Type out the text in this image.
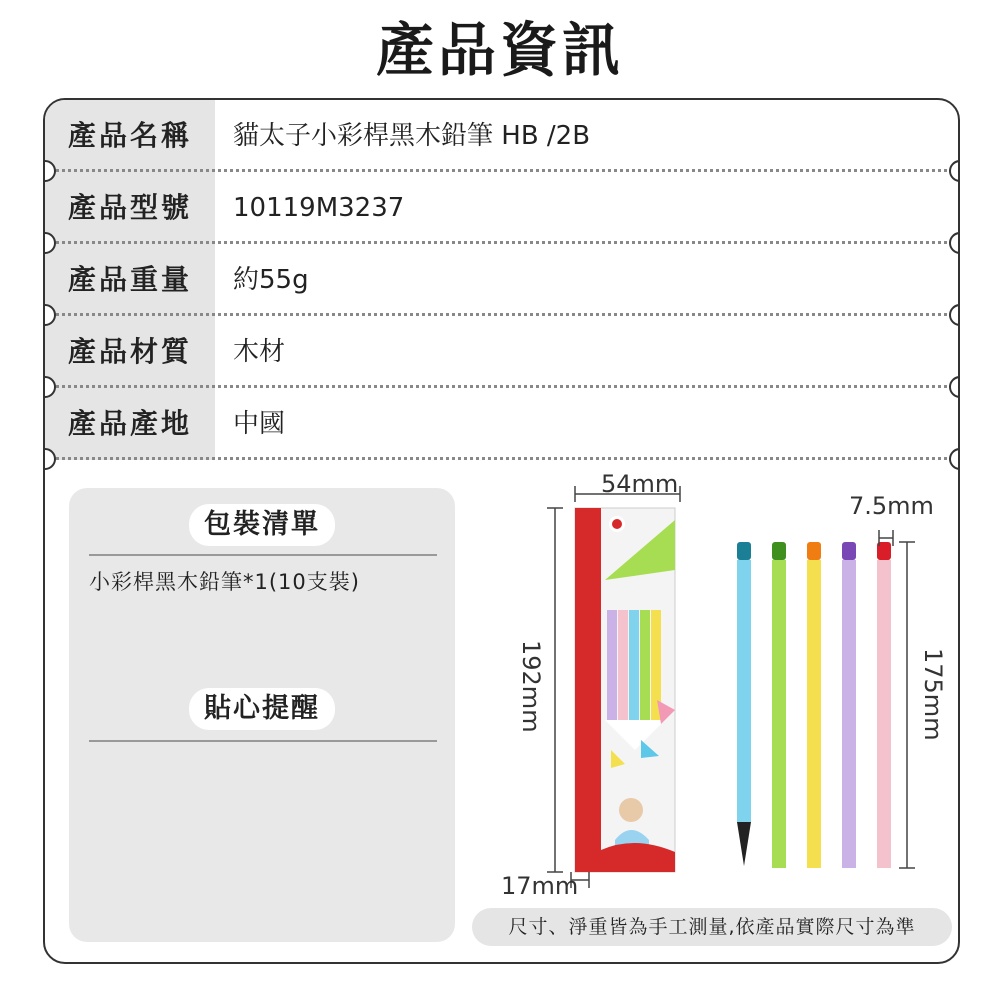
產品資訊
產品名稱	貓太子小彩桿黑木鉛筆 HB /2B
產品型號	10119M3237
產品重量	約55g
產品材質	木材
產品產地	中國
包裝清單
小彩桿黑木鉛筆*1(10支裝)
貼心提醒
54mm
192mm
17mm
7.5mm
175mm
尺寸、淨重皆為手工測量,依產品實際尺寸為準
